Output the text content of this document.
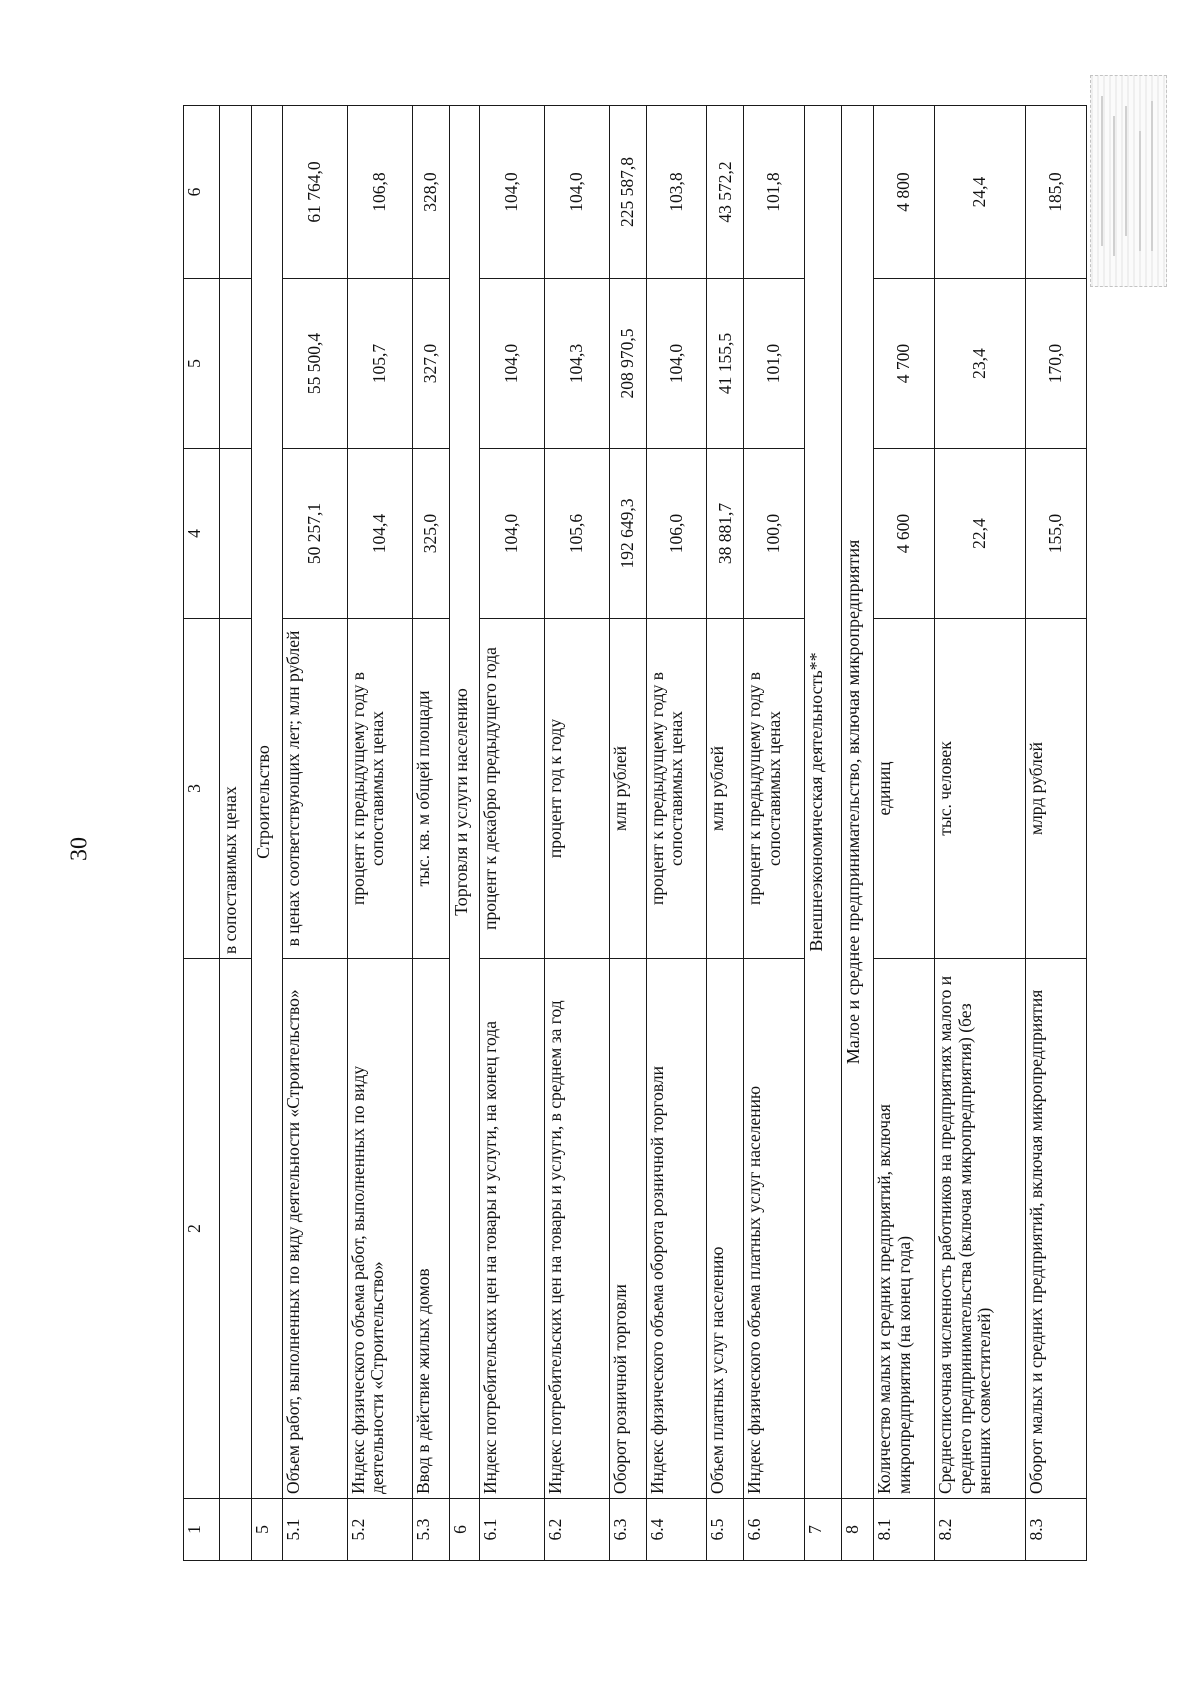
30
1	2	3	4	5	6
		в сопоставимых ценах			
5	Строительство				
5.1	Объем работ, выполненных по виду деятельности «Строительство»	в ценах соответствующих лет; млн рублей	50 257,1	55 500,4	61 764,0
5.2	Индекс физического объема работ, выполненных по виду деятельности «Строительство»	процент к предыдущему году в сопоставимых ценах	104,4	105,7	106,8
5.3	Ввод в действие жилых домов	тыс. кв. м общей площади	325,0	327,0	328,0
6	Торговля и услуги населению				
6.1	Индекс потребительских цен на товары и услуги, на конец года	процент к декабрю предыдущего года	104,0	104,0	104,0
6.2	Индекс потребительских цен на товары и услуги, в среднем за год	процент год к году	105,6	104,3	104,0
6.3	Оборот розничной торговли	млн рублей	192 649,3	208 970,5	225 587,8
6.4	Индекс физического объема оборота розничной торговли	процент к предыдущему году в сопоставимых ценах	106,0	104,0	103,8
6.5	Объем платных услуг населению	млн рублей	38 881,7	41 155,5	43 572,2
6.6	Индекс физического объема платных услуг населению	процент к предыдущему году в сопоставимых ценах	100,0	101,0	101,8
7	Внешнеэкономическая деятельность**				
8	Малое и среднее предпринимательство, включая микропредприятия				
8.1	Количество малых и средних предприятий, включая микропредприятия (на конец года)	единиц	4 600	4 700	4 800
8.2	Среднесписочная численность работников на предприятиях малого и среднего предпринимательства (включая микропредприятия) (без внешних совместителей)	тыс. человек	22,4	23,4	24,4
8.3	Оборот малых и средних предприятий, включая микропредприятия	млрд рублей	155,0	170,0	185,0
